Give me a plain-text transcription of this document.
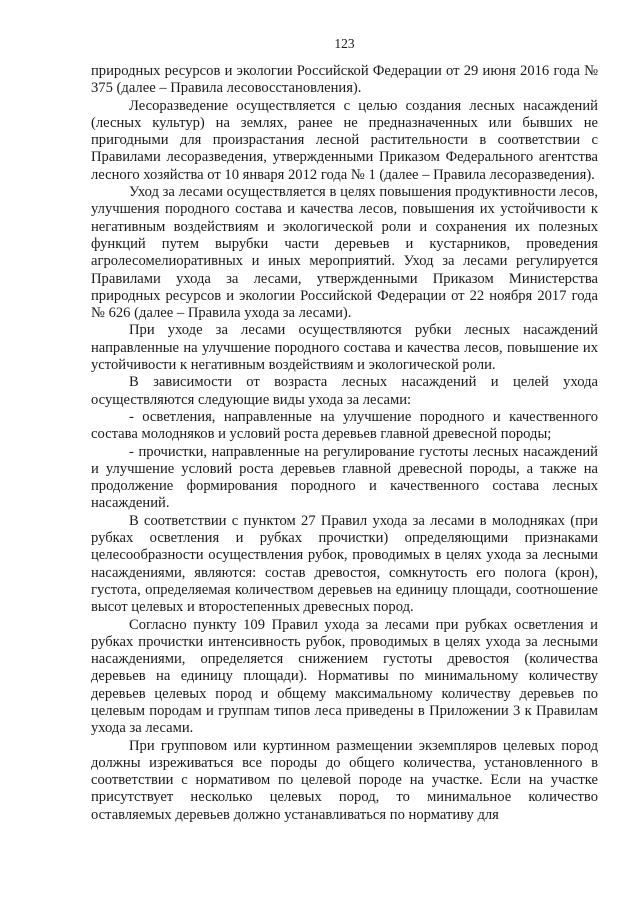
123

природных ресурсов и экологии Российской Федерации от 29 июня 2016 года № 375 (далее – Правила лесовосстановления).

Лесоразведение осуществляется с целью создания лесных насаждений (лесных культур) на землях, ранее не предназначенных или бывших не пригодными для произрастания лесной растительности в соответствии с Правилами лесоразведения, утвержденными Приказом Федерального агентства лесного хозяйства от 10 января 2012 года № 1 (далее – Правила лесоразведения).

Уход за лесами осуществляется в целях повышения продуктивности лесов, улучшения породного состава и качества лесов, повышения их устойчивости к негативным воздействиям и экологической роли и сохранения их полезных функций путем вырубки части деревьев и кустарников, проведения агролесомелиоративных и иных мероприятий. Уход за лесами регулируется Правилами ухода за лесами, утвержденными Приказом Министерства природных ресурсов и экологии Российской Федерации от 22 ноября 2017 года № 626 (далее – Правила ухода за лесами).

При уходе за лесами осуществляются рубки лесных насаждений направленные на улучшение породного состава и качества лесов, повышение их устойчивости к негативным воздействиям и экологической роли.

В зависимости от возраста лесных насаждений и целей ухода осуществляются следующие виды ухода за лесами:

- осветления, направленные на улучшение породного и качественного состава молодняков и условий роста деревьев главной древесной породы;

- прочистки, направленные на регулирование густоты лесных насаждений и улучшение условий роста деревьев главной древесной породы, а также на продолжение формирования породного и качественного состава лесных насаждений.

В соответствии с пунктом 27 Правил ухода за лесами в молодняках (при рубках осветления и рубках прочистки) определяющими признаками целесообразности осуществления рубок, проводимых в целях ухода за лесными насаждениями, являются: состав древостоя, сомкнутость его полога (крон), густота, определяемая количеством деревьев на единицу площади, соотношение высот целевых и второстепенных древесных пород.

Согласно пункту 109 Правил ухода за лесами при рубках осветления и рубках прочистки интенсивность рубок, проводимых в целях ухода за лесными насаждениями, определяется снижением густоты древостоя (количества деревьев на единицу площади). Нормативы по минимальному количеству деревьев целевых пород и общему максимальному количеству деревьев по целевым породам и группам типов леса приведены в Приложении 3 к Правилам ухода за лесами.

При групповом или куртинном размещении экземпляров целевых пород должны изреживаться все породы до общего количества, установленного в соответствии с нормативом по целевой породе на участке. Если на участке присутствует несколько целевых пород, то минимальное количество оставляемых деревьев должно устанавливаться по нормативу для
